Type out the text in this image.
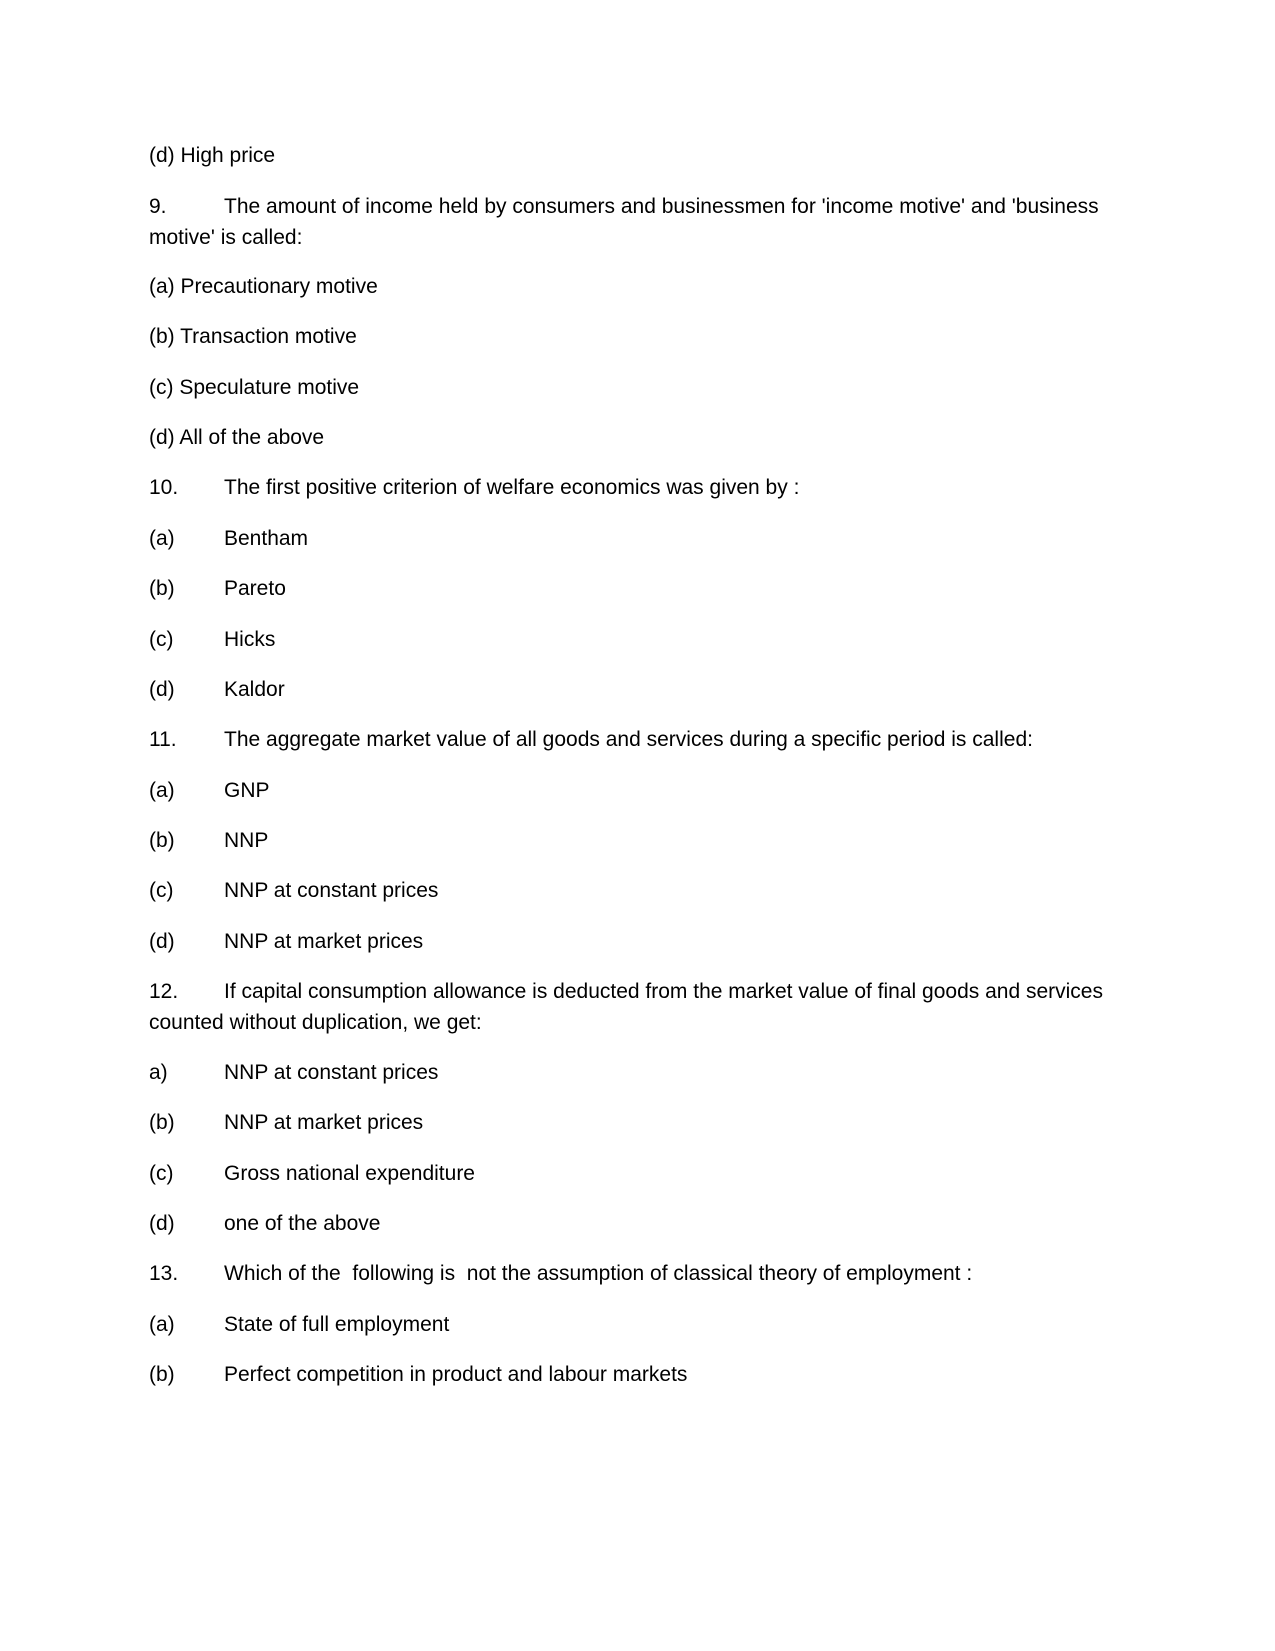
(d) High price
9.	The amount of income held by consumers and businessmen for 'income motive' and 'business motive' is called:
(a) Precautionary motive
(b) Transaction motive
(c) Speculature motive
(d) All of the above
10. The first positive criterion of welfare economics was given by :
(a) Bentham
(b) Pareto
(c) Hicks
(d) Kaldor
11. The aggregate market value of all goods and services during a specific period is called:
(a) GNP
(b) NNP
(c) NNP at constant prices
(d) NNP at market prices
12. If capital consumption allowance is deducted from the market value of final goods and services counted without duplication, we get:
a)	NNP at constant prices
(b) NNP at market prices
(c) Gross national expenditure
(d) one of the above
13. Which of the  following is  not the assumption of classical theory of employment :
(a) State of full employment
(b) Perfect competition in product and labour markets
